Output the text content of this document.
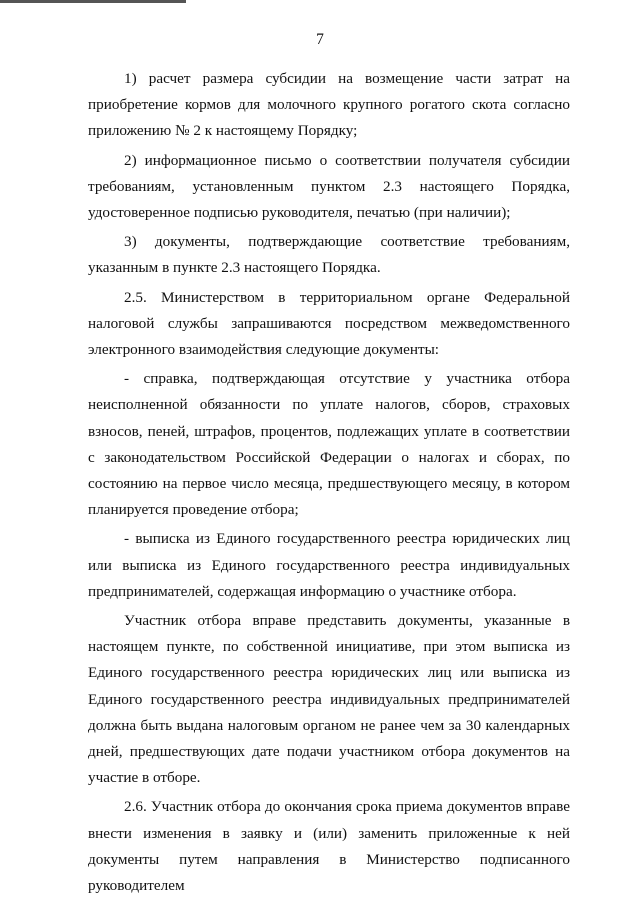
7

1) расчет размера субсидии на возмещение части затрат на приобретение кормов для молочного крупного рогатого скота согласно приложению № 2 к настоящему Порядку;

2) информационное письмо о соответствии получателя субсидии требованиям, установленным пунктом 2.3 настоящего Порядка, удостоверенное подписью руководителя, печатью (при наличии);

3) документы, подтверждающие соответствие требованиям, указанным в пункте 2.3 настоящего Порядка.

2.5. Министерством в территориальном органе Федеральной налоговой службы запрашиваются посредством межведомственного электронного взаимодействия следующие документы:

- справка, подтверждающая отсутствие у участника отбора неисполненной обязанности по уплате налогов, сборов, страховых взносов, пеней, штрафов, процентов, подлежащих уплате в соответствии с законодательством Российской Федерации о налогах и сборах, по состоянию на первое число месяца, предшествующего месяцу, в котором планируется проведение отбора;

- выписка из Единого государственного реестра юридических лиц или выписка из Единого государственного реестра индивидуальных предпринимателей, содержащая информацию о участнике отбора.

Участник отбора вправе представить документы, указанные в настоящем пункте, по собственной инициативе, при этом выписка из Единого государственного реестра юридических лиц или выписка из Единого государственного реестра индивидуальных предпринимателей должна быть выдана налоговым органом не ранее чем за 30 календарных дней, предшествующих дате подачи участником отбора документов на участие в отборе.

2.6. Участник отбора до окончания срока приема документов вправе внести изменения в заявку и (или) заменить приложенные к ней документы путем направления в Министерство подписанного руководителем
